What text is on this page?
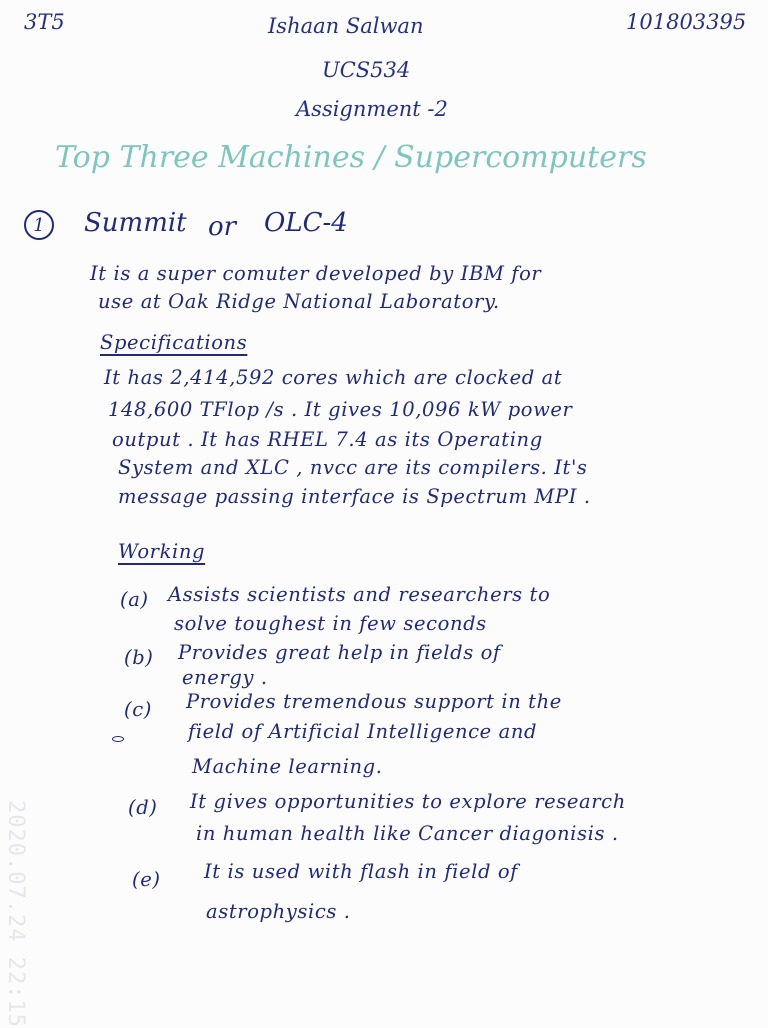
3T5	Ishaan Salwan	101803395
UCS534
Assignment -2
Top Three Machines / Supercomputers
1 Summit or OLC-4
It is a super comuter developed by IBM for
use at Oak Ridge National Laboratory.
Specifications
It has 2,414,592 cores which are clocked at
148,600 TFlop /s . It gives 10,096 kW power
output . It has RHEL 7.4 as its Operating
System and XLC , nvcc are its compilers. It's
message passing interface is Spectrum MPI .
Working
(a) Assists scientists and researchers to
solve toughest in few seconds
(b) Provides great help in fields of
energy .
(c) Provides tremendous support in the
field of Artificial Intelligence and
Machine learning.
(d) It gives opportunities to explore research
in human health like Cancer diagonisis .
(e) It is used with flash in field of
astrophysics .
2020.07.24 22:15
